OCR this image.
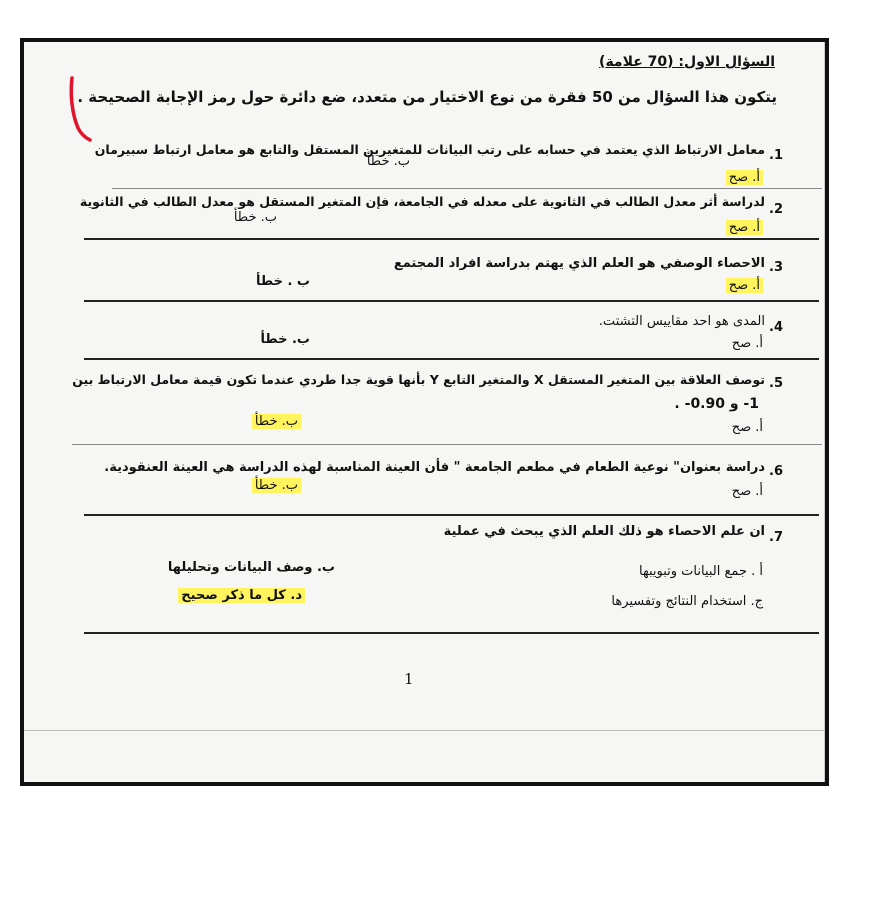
السؤال الاول: (70 علامة)
يتكون هذا السؤال من 50 فقرة من نوع الاختيار من متعدد، ضع دائرة حول رمز الإجابة الصحيحة .
معامل الارتباط الذي يعتمد في حسابه على رتب البيانات للمتغيرين المستقل والتابع هو معامل ارتباط سبيرمان .1
ب. خطأ
أ. صح
لدراسة أثر معدل الطالب في الثانوية على معدله في الجامعة، فإن المتغير المستقل هو معدل الطالب في الثانوية
.2
ب. خطأ
أ. صح
الاحصاء الوصفي هو العلم الذي يهتم بدراسة افراد المجتمع .3
ب . خطأ	أ. صح
المدى هو احد مقاييس التشتت. .4
ب. خطأ	أ. صح
توصف العلاقة بين المتغير المستقل X والمتغير التابع Y بأنها قوية جدا طردي عندما تكون قيمة معامل الارتباط بين .5
1- و 0.90- .
ب. خطأ	أ. صح
دراسة بعنوان" نوعية الطعام في مطعم الجامعة " فأن العينة المناسبة لهذه الدراسة هي العينة العنقودية. .6
ب. خطأ	أ. صح
ان علم الاحصاء هو ذلك العلم الذي يبحث في عملية .7
ب. وصف البيانات وتحليلها	أ . جمع البيانات وتبويبها
د. كل ما ذكر صحيح	ج. استخدام النتائج وتفسيرها
1
